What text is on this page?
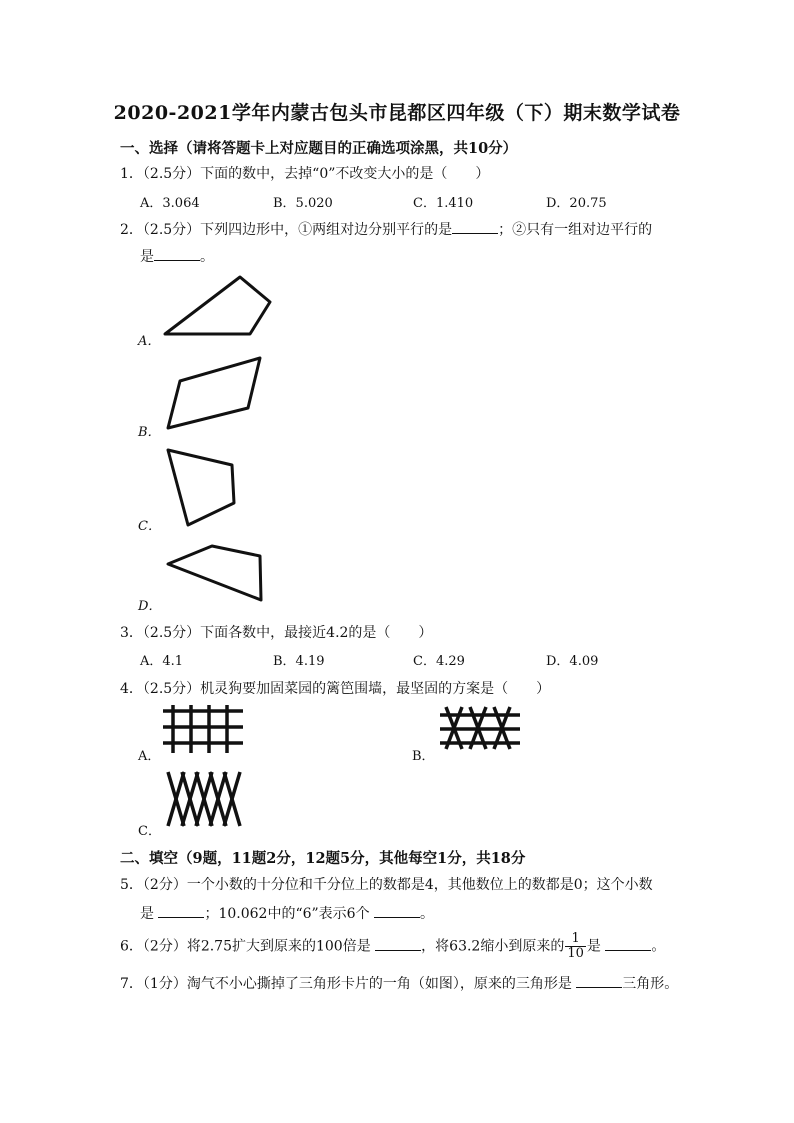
2020-2021学年内蒙古包头市昆都区四年级（下）期末数学试卷
一、选择（请将答题卡上对应题目的正确选项涂黑，共10分）
1．（2.5分）下面的数中，去掉“0”不改变大小的是（　　）
A．3.064	B．5.020	C．1.410	D．20.75
2．（2.5分）下列四边形中，①两组对边分别平行的是	；②只有一组对边平行的
是	。
A．
B．
C．
D．
3．（2.5分）下面各数中，最接近4.2的是（　　）
A．4.1	B．4.19	C．4.29	D．4.09
4．（2.5分）机灵狗要加固菜园的篱笆围墙，最坚固的方案是（　　）
A．	B．
C．
二、填空（9题，11题2分，12题5分，其他每空1分，共18分
5．（2分）一个小数的十分位和千分位上的数都是4，其他数位上的数都是0；这个小数
是	；10.062中的“6”表示6个	。
6．（2分）将2.75扩大到原来的100倍是	，将63.2缩小到原来的 $\frac{1}{10}$ 是	。
7．（1分）淘气不小心撕掉了三角形卡片的一角（如图），原来的三角形是	三角形。
